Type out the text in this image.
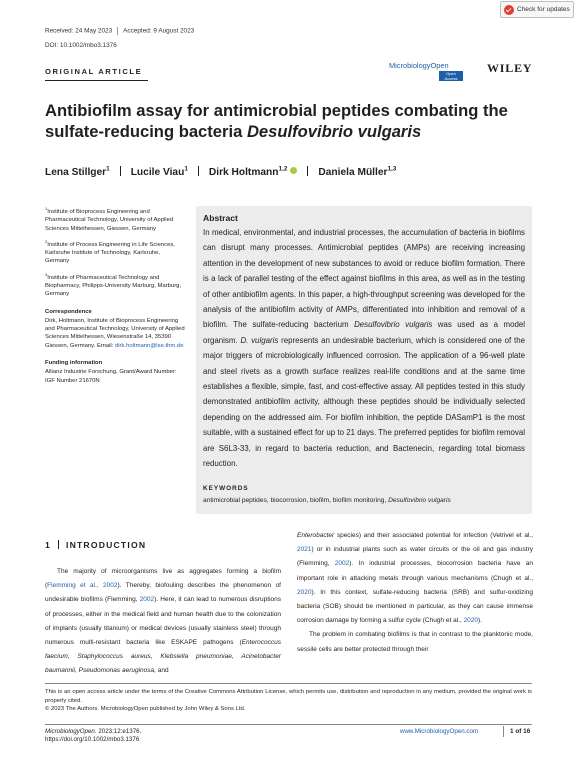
Check for updates
Received: 24 May 2023 Accepted: 9 August 2023
DOI: 10.1002/mbo3.1376
ORIGINAL ARTICLE
MicrobiologyOpen
Open Access
WILEY
Antibiofilm assay for antimicrobial peptides combating the sulfate-reducing bacteria Desulfovibrio vulgaris
Lena Stillger$^1$ Lucile Viau$^1$ Dirk Holtmann$^{1,2}$	Daniela Müller$^{1,3}$

$^1$Institute of Bioprocess Engineering and Pharmaceutical Technology, University of Applied Sciences Mittelhessen, Giessen, Germany

$^2$Institute of Process Engineering in Life Sciences, Karlsruhe Institute of Technology, Karlsruhe, Germany

$^3$Institute of Pharmaceutical Technology and Biopharmacy, Philipps-University Marburg, Marburg, Germany

Correspondence

Dirk, Holtmann, Institute of Bioprocess Engineering and Pharmaceutical Technology, University of Applied Sciences Mittelhessen, Wiesenstraße 14, 35390 Giessen, Germany. Email: dirk.holtmann@lse.thm.de

Funding information

Allianz Industrie Forschung, Grant/Award Number: IGF Number 21670N

Abstract
In medical, environmental, and industrial processes, the accumulation of bacteria in biofilms can disrupt many processes. Antimicrobial peptides (AMPs) are receiving increasing attention in the development of new substances to avoid or reduce biofilm formation. There is a lack of parallel testing of the effect against biofilms in this area, as well as in the testing of other antibiofilm agents. In this paper, a high-throughput screening was developed for the analysis of the antibiofilm activity of AMPs, differentiated into inhibition and removal of a biofilm. The sulfate-reducing bacterium Desulfovibrio vulgaris was used as a model organism. D. vulgaris represents an undesirable bacterium, which is considered one of the major triggers of microbiologically influenced corrosion. The application of a 96-well plate and steel rivets as a growth surface realizes real-life conditions and at the same time establishes a flexible, simple, fast, and cost-effective assay. All peptides tested in this study demonstrated antibiofilm activity, although these peptides should be individually selected depending on the addressed aim. For biofilm inhibition, the peptide DASamP1 is the most suitable, with a sustained effect for up to 21 days. The preferred peptides for biofilm removal are S6L3-33, in regard to bacteria reduction, and Bactenecin, regarding total biomass reduction.
KEYWORDS
antimicrobial peptides, biocorrosion, biofilm, biofilm monitoring, Desulfovibrio vulgaris
1 INTRODUCTION

The majority of microorganisms live as aggregates forming a biofilm (Flemming et al., 2002). Thereby, biofouling describes the phenomenon of undesirable biofilms (Flemming, 2002). Here, it can lead to numerous disruptions of processes, either in the medical field and human health due to the colonization of implants (usually titanium) or medical devices (usually stainless steel) through numerous multi-resistant bacteria like ESKAPE pathogens (Enterococcus faecium, Staphylococcus aureus, Klebsiella pneumoniae, Acinetobacter baumannii, Pseudomonas aeruginosa, and

Enterobacter species) and their associated potential for infection (Vetrivel et al., 2021) or in industrial plants such as water circuits or the oil and gas industry (Flemming, 2002). In industrial processes, biocorrosion bacteria have an important role in attacking metals through various mechanisms (Chugh et al., 2020). In this context, sulfate-reducing bacteria (SRB) and sulfur-oxidizing bacteria (SOB) should be mentioned in particular, as they can cause immense corrosion damage by forming a sulfur cycle (Chugh et al., 2020).

The problem in combating biofilms is that in contrast to the planktonic mode, sessile cells are better protected through their

This is an open access article under the terms of the Creative Commons Attribution License, which permits use, distribution and reproduction in any medium, provided the original work is properly cited.
© 2023 The Authors. MicrobiologyOpen published by John Wiley & Sons Ltd.
MicrobiologyOpen. 2023;12:e1376.
https://doi.org/10.1002/mbo3.1376
www.MicrobiologyOpen.com	1 of 16
